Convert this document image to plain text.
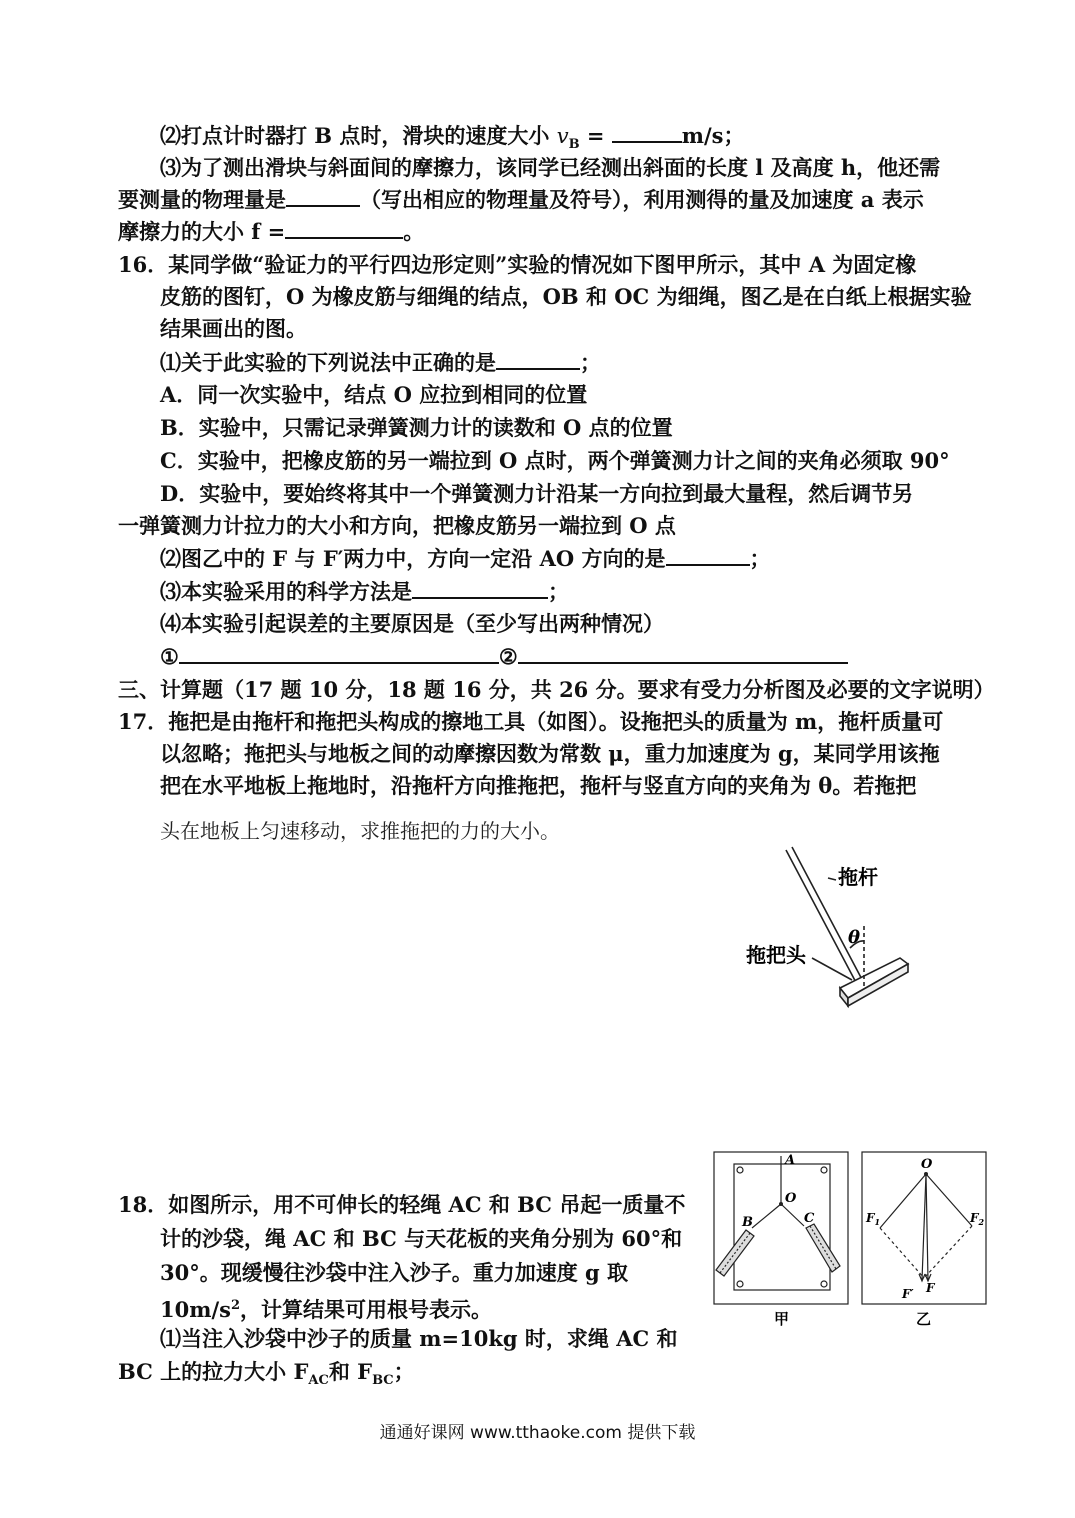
⑵打点计时器打 B 点时，滑块的速度大小 $v_B$ =	m/s；
⑶为了测出滑块与斜面间的摩擦力，该同学已经测出斜面的长度 l 及高度 h，他还需
要测量的物理量是	（写出相应的物理量及符号），利用测得的量及加速度 a 表示
摩擦力的大小 f =	。
16．某同学做“验证力的平行四边形定则”实验的情况如下图甲所示，其中 A 为固定橡
皮筋的图钉，O 为橡皮筋与细绳的结点，OB 和 OC 为细绳，图乙是在白纸上根据实验
结果画出的图。
⑴关于此实验的下列说法中正确的是	；
A．同一次实验中，结点 O 应拉到相同的位置
B．实验中，只需记录弹簧测力计的读数和 O 点的位置
C．实验中，把橡皮筋的另一端拉到 O 点时，两个弹簧测力计之间的夹角必须取 90°
D．实验中，要始终将其中一个弹簧测力计沿某一方向拉到最大量程，然后调节另
一弹簧测力计拉力的大小和方向，把橡皮筋另一端拉到 O 点
⑵图乙中的 F 与 F′两力中，方向一定沿 AO 方向的是	；
⑶本实验采用的科学方法是	；
⑷本实验引起误差的主要原因是（至少写出两种情况）
①	②
三、计算题（17 题 10 分，18 题 16 分，共 26 分。要求有受力分析图及必要的文字说明）
17．拖把是由拖杆和拖把头构成的擦地工具（如图）。设拖把头的质量为 m，拖杆质量可
以忽略；拖把头与地板之间的动摩擦因数为常数 μ，重力加速度为 g，某同学用该拖
把在水平地板上拖地时，沿拖杆方向推拖把，拖杆与竖直方向的夹角为 θ。若拖把
头在地板上匀速移动，求推拖把的力的大小。
拖杆
θ
拖把头
18．如图所示，用不可伸长的轻绳 AC 和 BC 吊起一质量不
计的沙袋，绳 AC 和 BC 与天花板的夹角分别为 60°和
30°。现缓慢往沙袋中注入沙子。重力加速度 g 取
$10m/s^2$，计算结果可用根号表示。
⑴当注入沙袋中沙子的质量 m=10kg 时，求绳 AC 和
BC 上的拉力大小 $F_{AC}$和 $F_{BC}$；
A
O
B	C
甲
O
$F_1$	$F_2$
F′ F
乙
通通好课网 www.tthaoke.com 提供下载
